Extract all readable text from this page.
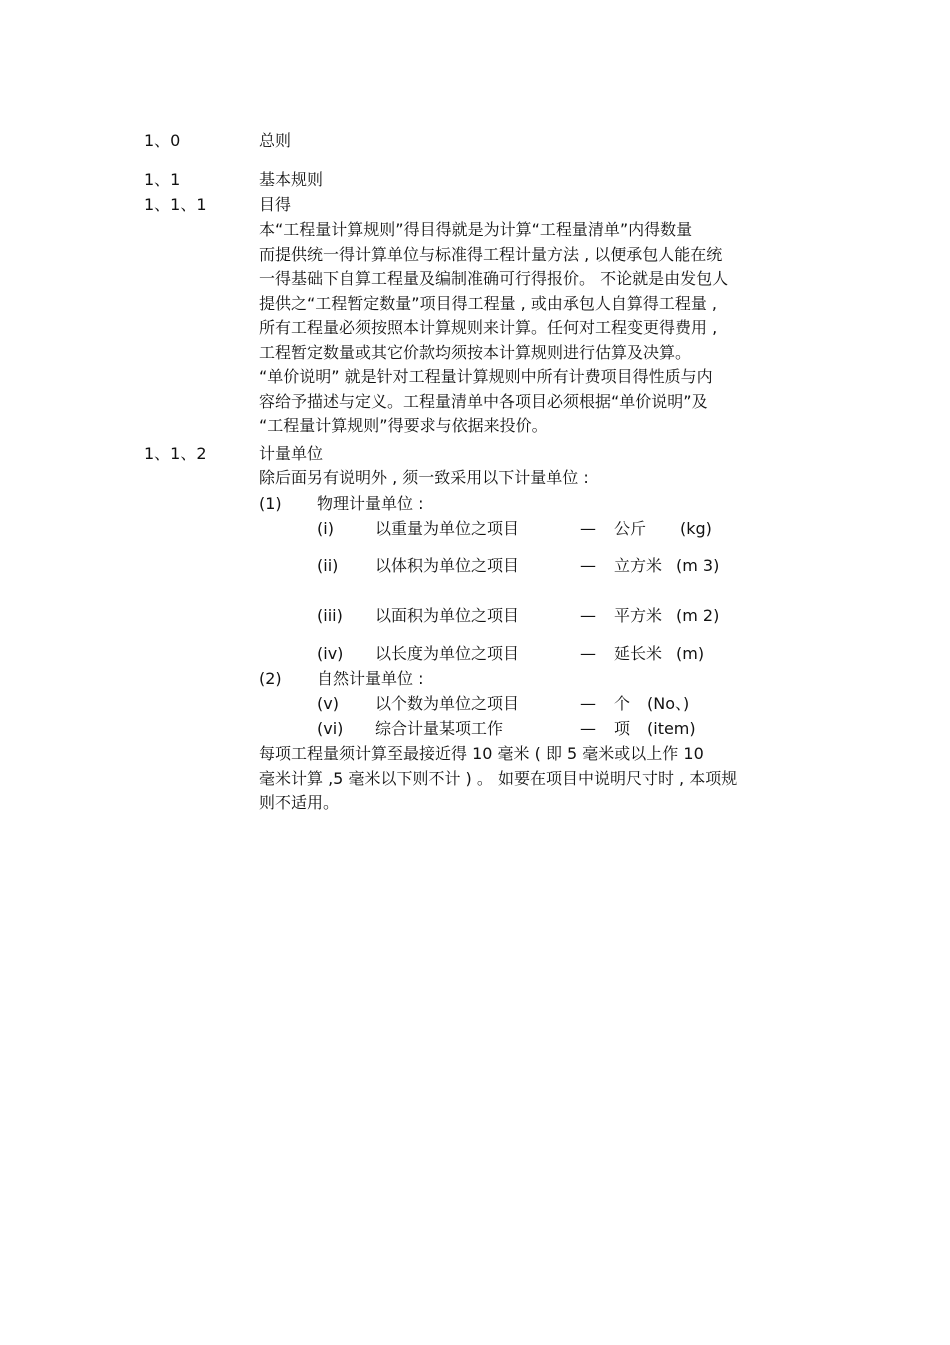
1、0	总则
1、1	基本规则
1、1、1	目得
本“工程量计算规则”得目得就是为计算“工程量清单”内得数量
而提供统一得计算单位与标准得工程计量方法 , 以便承包人能在统
一得基础下自算工程量及编制准确可行得报价。 不论就是由发包人
提供之“工程暂定数量”项目得工程量 , 或由承包人自算得工程量 ,
所有工程量必须按照本计算规则来计算。任何对工程变更得费用 ,
工程暂定数量或其它价款均须按本计算规则进行估算及决算。
“单价说明” 就是针对工程量计算规则中所有计费项目得性质与内
容给予描述与定义。工程量清单中各项目必须根据“单价说明”及
“工程量计算规则”得要求与依据来投价。
1、1、2	计量单位
除后面另有说明外 , 须一致采用以下计量单位 :
(1) 物理计量单位 :
(i)	以重量为单位之项目	— 公斤 (kg)
(ii) 以体积为单位之项目	— 立方米 (m 3)
(iii) 以面积为单位之项目	— 平方米 (m 2)
(iv) 以长度为单位之项目	— 延长米 (m)
(2) 自然计量单位 :
(v) 以个数为单位之项目	— 个 (No、)
(vi) 综合计量某项工作	— 项 (item)
每项工程量须计算至最接近得 10 毫米 ( 即 5 毫米或以上作 10
毫米计算 ,5 毫米以下则不计 ) 。 如要在项目中说明尺寸时 , 本项规
则不适用。
